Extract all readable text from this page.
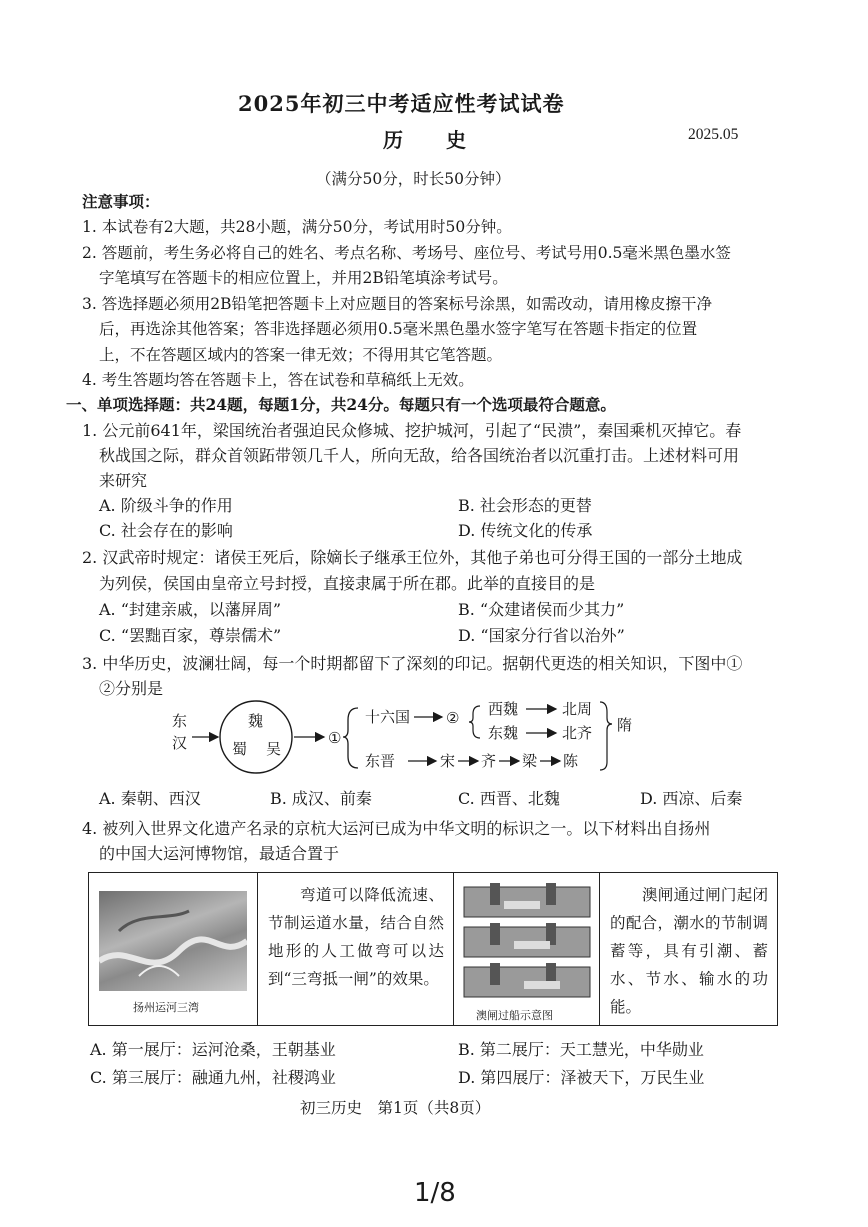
2025年初三中考适应性考试试卷
历 史	2025.05
（满分50分，时长50分钟）
注意事项：
1. 本试卷有2大题，共28小题，满分50分，考试用时50分钟。
2. 答题前，考生务必将自己的姓名、考点名称、考场号、座位号、考试号用0.5毫米黑色墨水签
字笔填写在答题卡的相应位置上，并用2B铅笔填涂考试号。
3. 答选择题必须用2B铅笔把答题卡上对应题目的答案标号涂黑，如需改动，请用橡皮擦干净
后，再选涂其他答案；答非选择题必须用0.5毫米黑色墨水签字笔写在答题卡指定的位置
上，不在答题区域内的答案一律无效；不得用其它笔答题。
4. 考生答题均答在答题卡上，答在试卷和草稿纸上无效。
一、单项选择题：共24题，每题1分，共24分。每题只有一个选项最符合题意。
1. 公元前641年，梁国统治者强迫民众修城、挖护城河，引起了“民溃”，秦国乘机灭掉它。春
秋战国之际，群众首领跖带领几千人，所向无敌，给各国统治者以沉重打击。上述材料可用
来研究
A. 阶级斗争的作用	B. 社会形态的更替
C. 社会存在的影响	D. 传统文化的传承
2. 汉武帝时规定：诸侯王死后，除嫡长子继承王位外，其他子弟也可分得王国的一部分土地成
为列侯，侯国由皇帝立号封授，直接隶属于所在郡。此举的直接目的是
A. “封建亲戚，以藩屏周”	B. “众建诸侯而少其力”
C. “罢黜百家，尊崇儒术”	D. “国家分行省以治外”
3. 中华历史，波澜壮阔，每一个时期都留下了深刻的印记。据朝代更迭的相关知识，下图中①
②分别是
东
汉
魏
蜀 吴
①
十六国 ② 西魏	北周
东魏	北齐 隋
东晋	宋 齐 梁 陈
A. 秦朝、西汉	B. 成汉、前秦	C. 西晋、北魏	D. 西凉、后秦
4. 被列入世界文化遗产名录的京杭大运河已成为中华文明的标识之一。以下材料出自扬州
的中国大运河博物馆，最适合置于
扬州运河三湾
弯道可以降低流速、节制运道水量，结合自然地形的人工做弯可以达到“三弯抵一闸”的效果。
澳闸过船示意图
澳闸通过闸门起闭的配合，潮水的节制调蓄等，具有引潮、蓄水、节水、输水的功能。
A. 第一展厅：运河沧桑，王朝基业	B. 第二展厅：天工慧光，中华勋业
C. 第三展厅：融通九州，社稷鸿业	D. 第四展厅：泽被天下，万民生业
初三历史　第1页（共8页）
1/8
